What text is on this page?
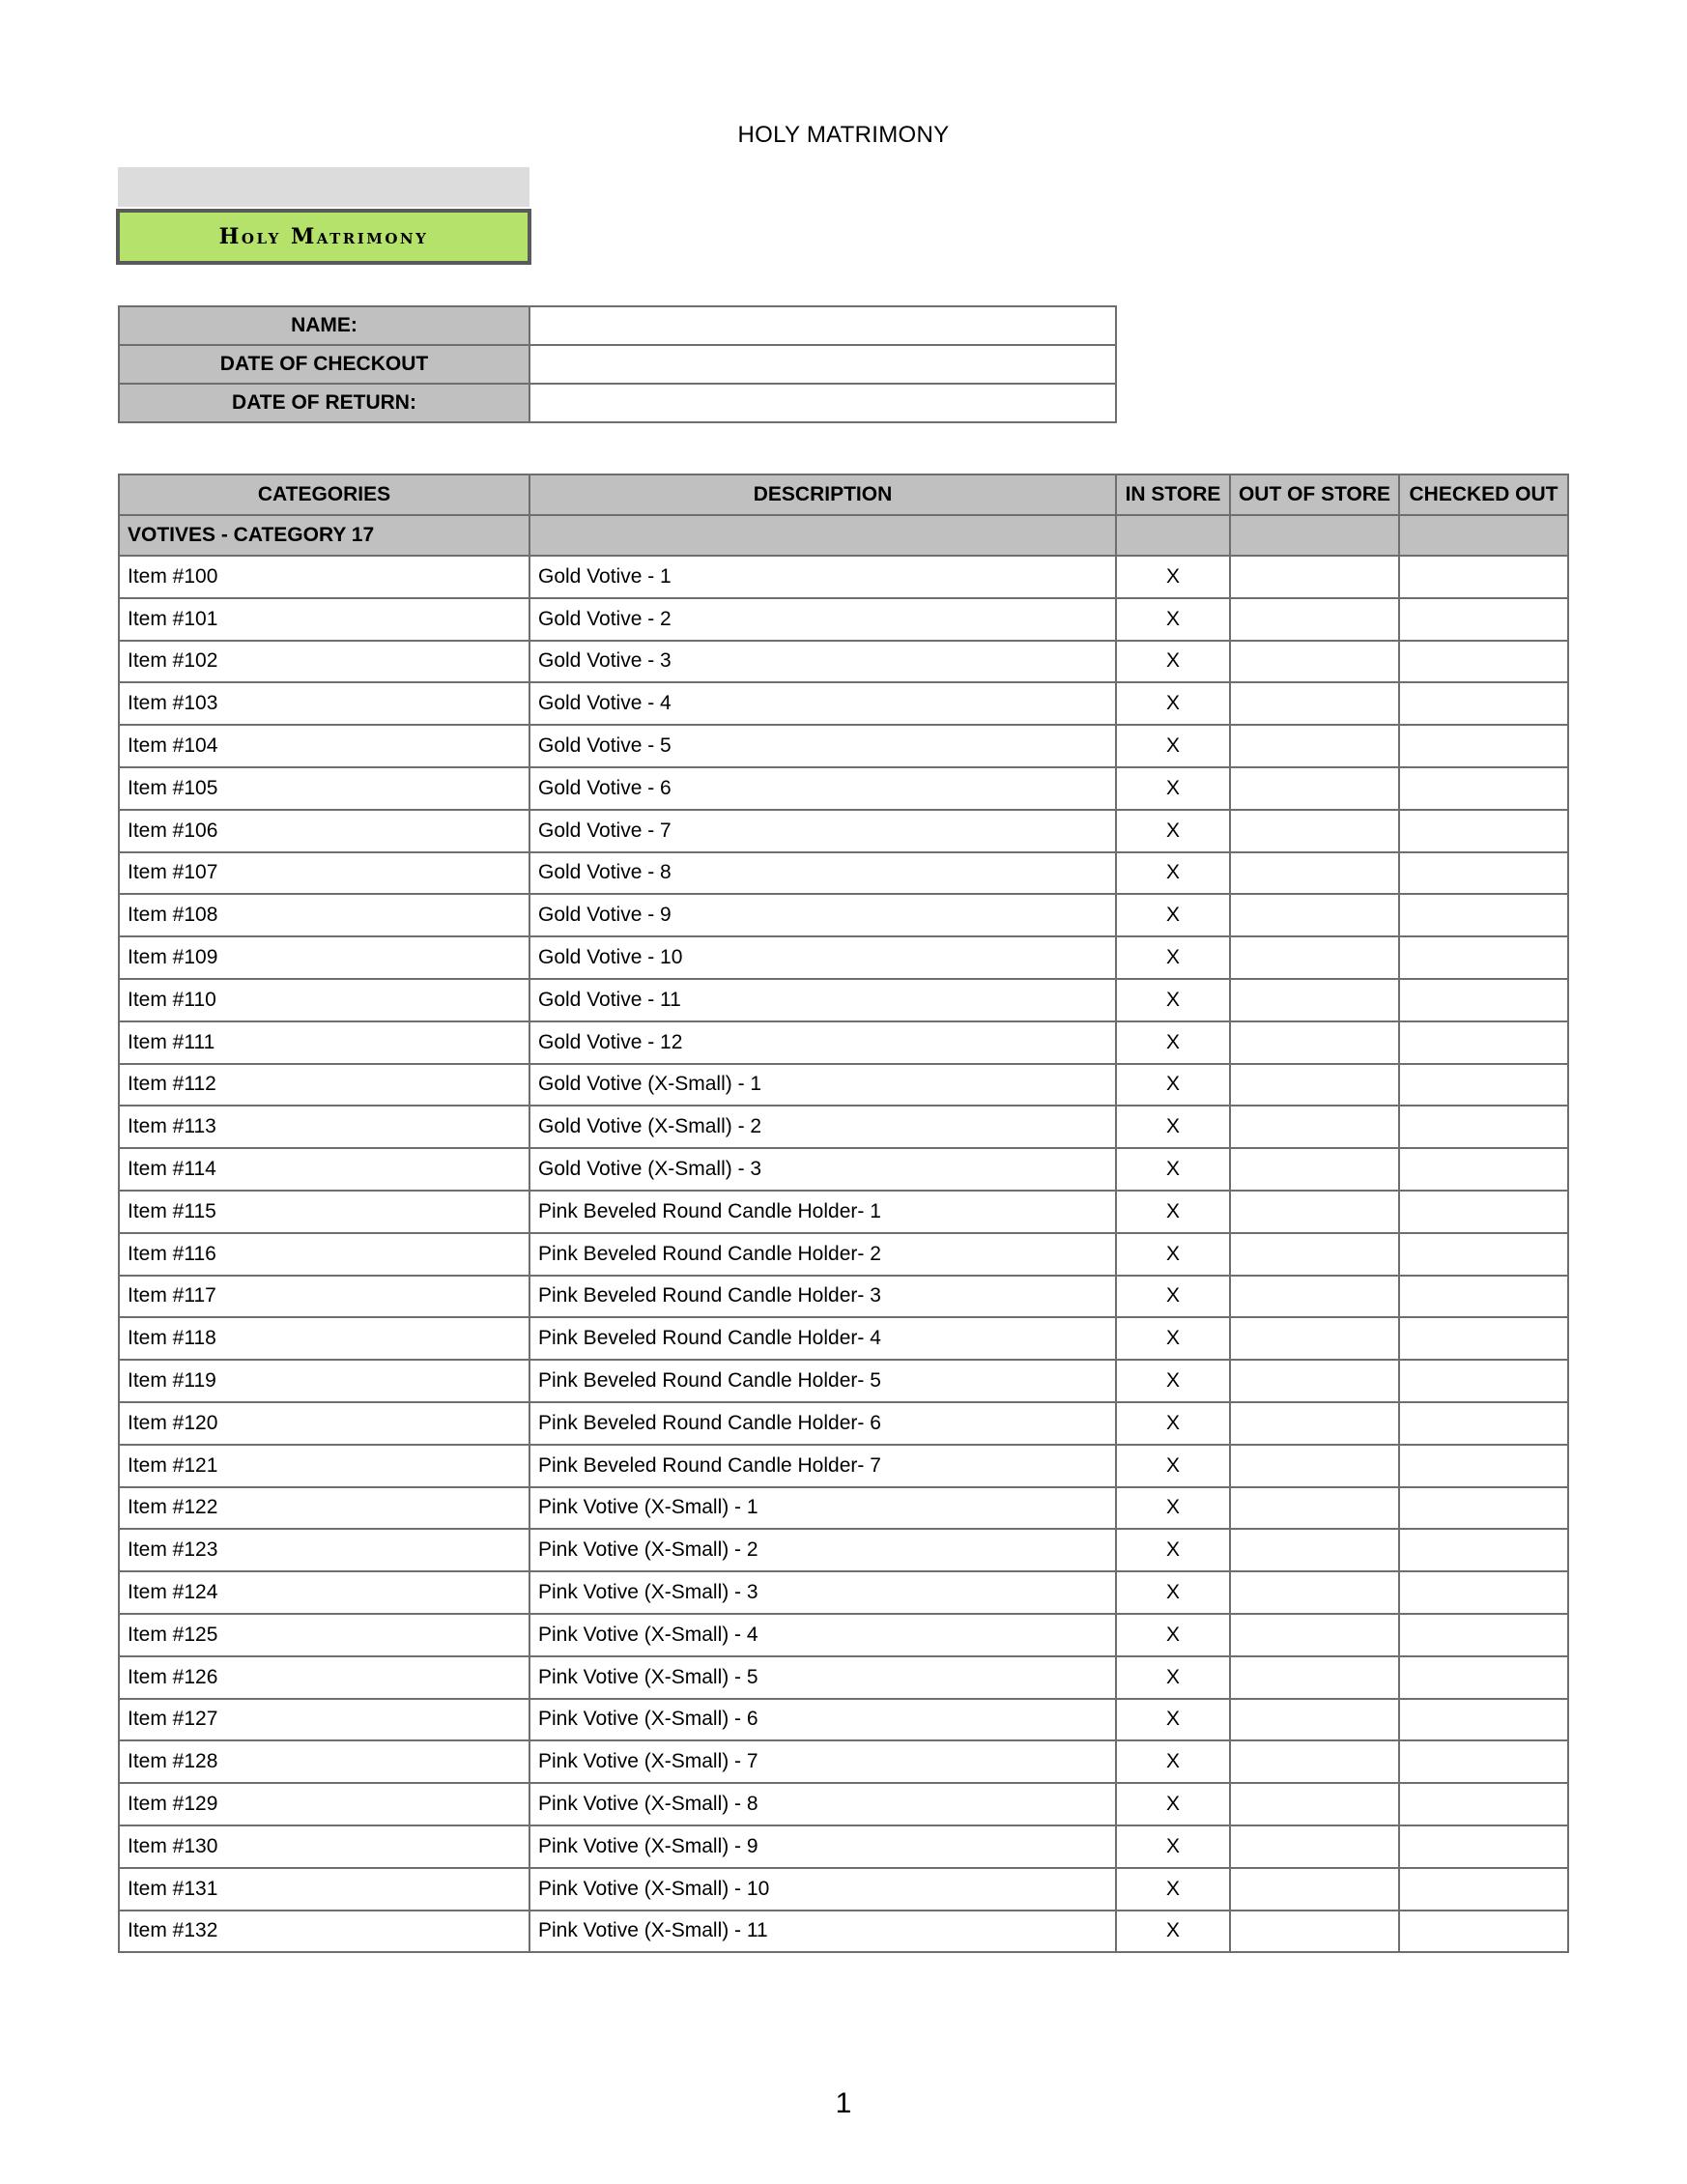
HOLY MATRIMONY
Holy Matrimony
NAME:	
DATE OF CHECKOUT	
DATE OF RETURN:	
CATEGORIES	DESCRIPTION	IN STORE	OUT OF STORE	CHECKED OUT
VOTIVES - CATEGORY 17				
Item #100	Gold Votive - 1	X		
Item #101	Gold Votive - 2	X		
Item #102	Gold Votive - 3	X		
Item #103	Gold Votive - 4	X		
Item #104	Gold Votive - 5	X		
Item #105	Gold Votive - 6	X		
Item #106	Gold Votive - 7	X		
Item #107	Gold Votive - 8	X		
Item #108	Gold Votive - 9	X		
Item #109	Gold Votive - 10	X		
Item #110	Gold Votive - 11	X		
Item #111	Gold Votive - 12	X		
Item #112	Gold Votive (X-Small) - 1	X		
Item #113	Gold Votive (X-Small) - 2	X		
Item #114	Gold Votive (X-Small) - 3	X		
Item #115	Pink Beveled Round Candle Holder- 1	X		
Item #116	Pink Beveled Round Candle Holder- 2	X		
Item #117	Pink Beveled Round Candle Holder- 3	X		
Item #118	Pink Beveled Round Candle Holder- 4	X		
Item #119	Pink Beveled Round Candle Holder- 5	X		
Item #120	Pink Beveled Round Candle Holder- 6	X		
Item #121	Pink Beveled Round Candle Holder- 7	X		
Item #122	Pink Votive (X-Small) - 1	X		
Item #123	Pink Votive (X-Small) - 2	X		
Item #124	Pink Votive (X-Small) - 3	X		
Item #125	Pink Votive (X-Small) - 4	X		
Item #126	Pink Votive (X-Small) - 5	X		
Item #127	Pink Votive (X-Small) - 6	X		
Item #128	Pink Votive (X-Small) - 7	X		
Item #129	Pink Votive (X-Small) - 8	X		
Item #130	Pink Votive (X-Small) - 9	X		
Item #131	Pink Votive (X-Small) - 10	X		
Item #132	Pink Votive (X-Small) - 11	X		
1
